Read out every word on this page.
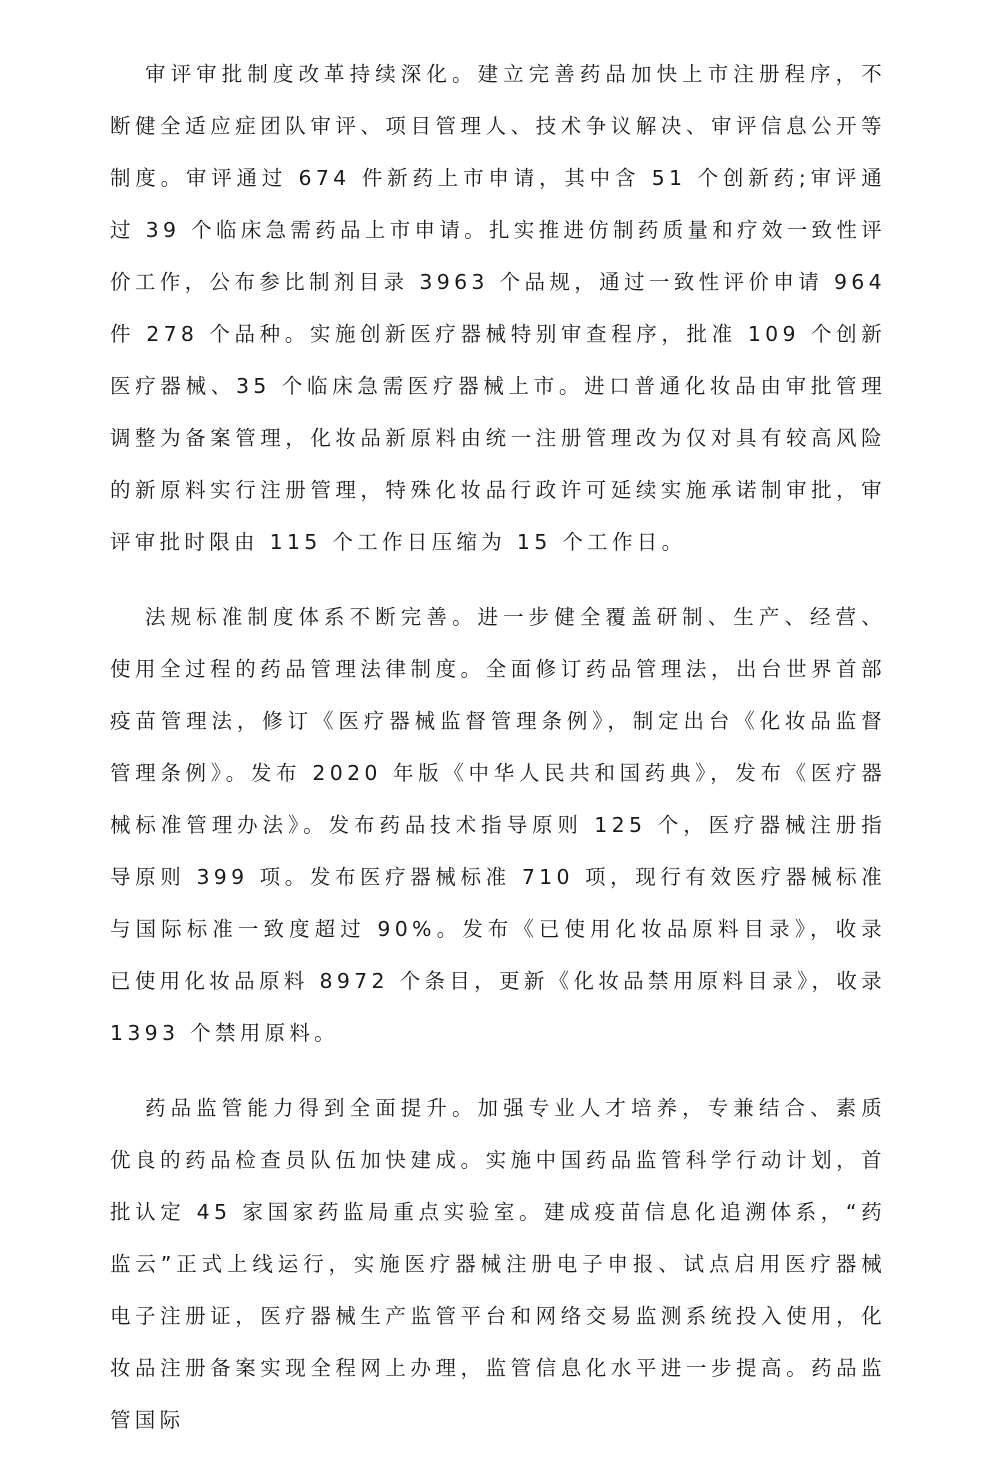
审评审批制度改革持续深化。建立完善药品加快上市注册程序，不断健全适应症团队审评、项目管理人、技术争议解决、审评信息公开等制度。审评通过 674 件新药上市申请，其中含 51 个创新药;审评通过 39 个临床急需药品上市申请。扎实推进仿制药质量和疗效一致性评价工作，公布参比制剂目录 3963 个品规，通过一致性评价申请 964 件 278 个品种。实施创新医疗器械特别审查程序，批准 109 个创新医疗器械、35 个临床急需医疗器械上市。进口普通化妆品由审批管理调整为备案管理，化妆品新原料由统一注册管理改为仅对具有较高风险的新原料实行注册管理，特殊化妆品行政许可延续实施承诺制审批，审评审批时限由 115 个工作日压缩为 15 个工作日。

法规标准制度体系不断完善。进一步健全覆盖研制、生产、经营、使用全过程的药品管理法律制度。全面修订药品管理法，出台世界首部疫苗管理法，修订《医疗器械监督管理条例》，制定出台《化妆品监督管理条例》。发布 2020 年版《中华人民共和国药典》，发布《医疗器械标准管理办法》。发布药品技术指导原则 125 个，医疗器械注册指导原则 399 项。发布医疗器械标准 710 项，现行有效医疗器械标准与国际标准一致度超过 90%。发布《已使用化妆品原料目录》，收录已使用化妆品原料 8972 个条目，更新《化妆品禁用原料目录》，收录 1393 个禁用原料。

药品监管能力得到全面提升。加强专业人才培养，专兼结合、素质优良的药品检查员队伍加快建成。实施中国药品监管科学行动计划，首批认定 45 家国家药监局重点实验室。建成疫苗信息化追溯体系，“药监云”正式上线运行，实施医疗器械注册电子申报、试点启用医疗器械电子注册证，医疗器械生产监管平台和网络交易监测系统投入使用，化妆品注册备案实现全程网上办理，监管信息化水平进一步提高。药品监管国际
